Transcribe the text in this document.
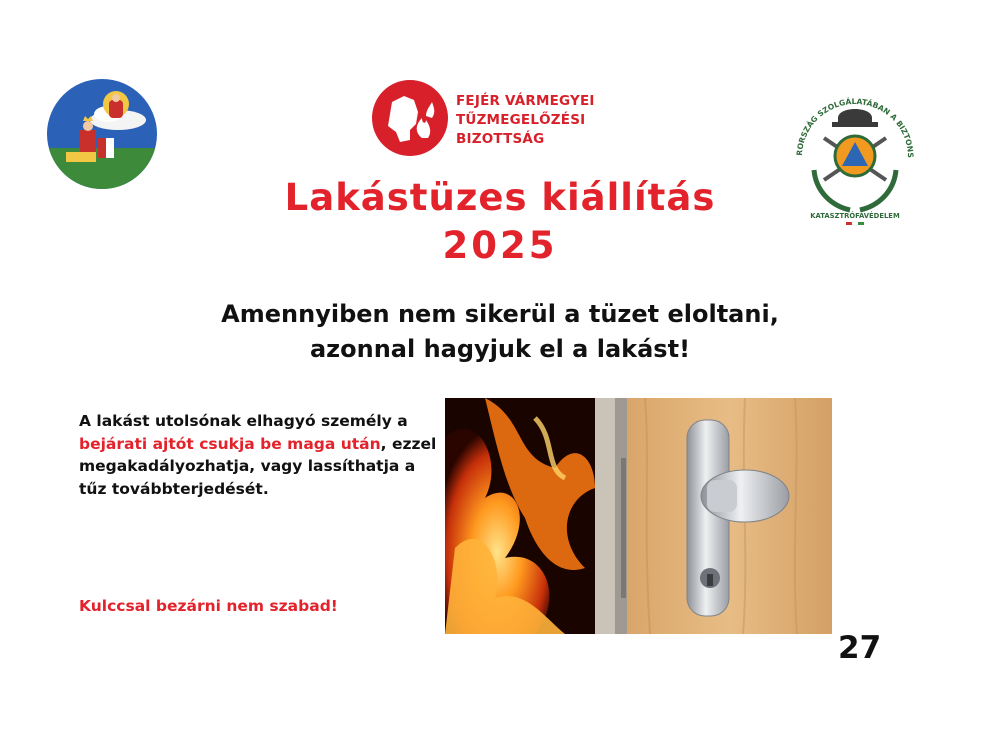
FEJÉR VÁRMEGYEI
TŰZMEGELŐZÉSI
BIZOTTSÁG
RORSZÁG SZOLGÁLATÁBAN A BIZTONS
KATASZTRÓFAVÉDELEM
Lakástüzes kiállítás
2025
Amennyiben nem sikerül a tüzet eloltani,
azonnal hagyjuk el a lakást!
A lakást utolsónak elhagyó személy a bejárati ajtót csukja be maga után, ezzel megakadályozhatja, vagy lassíthatja a tűz továbbterjedését.
Kulccsal bezárni nem szabad!
27
